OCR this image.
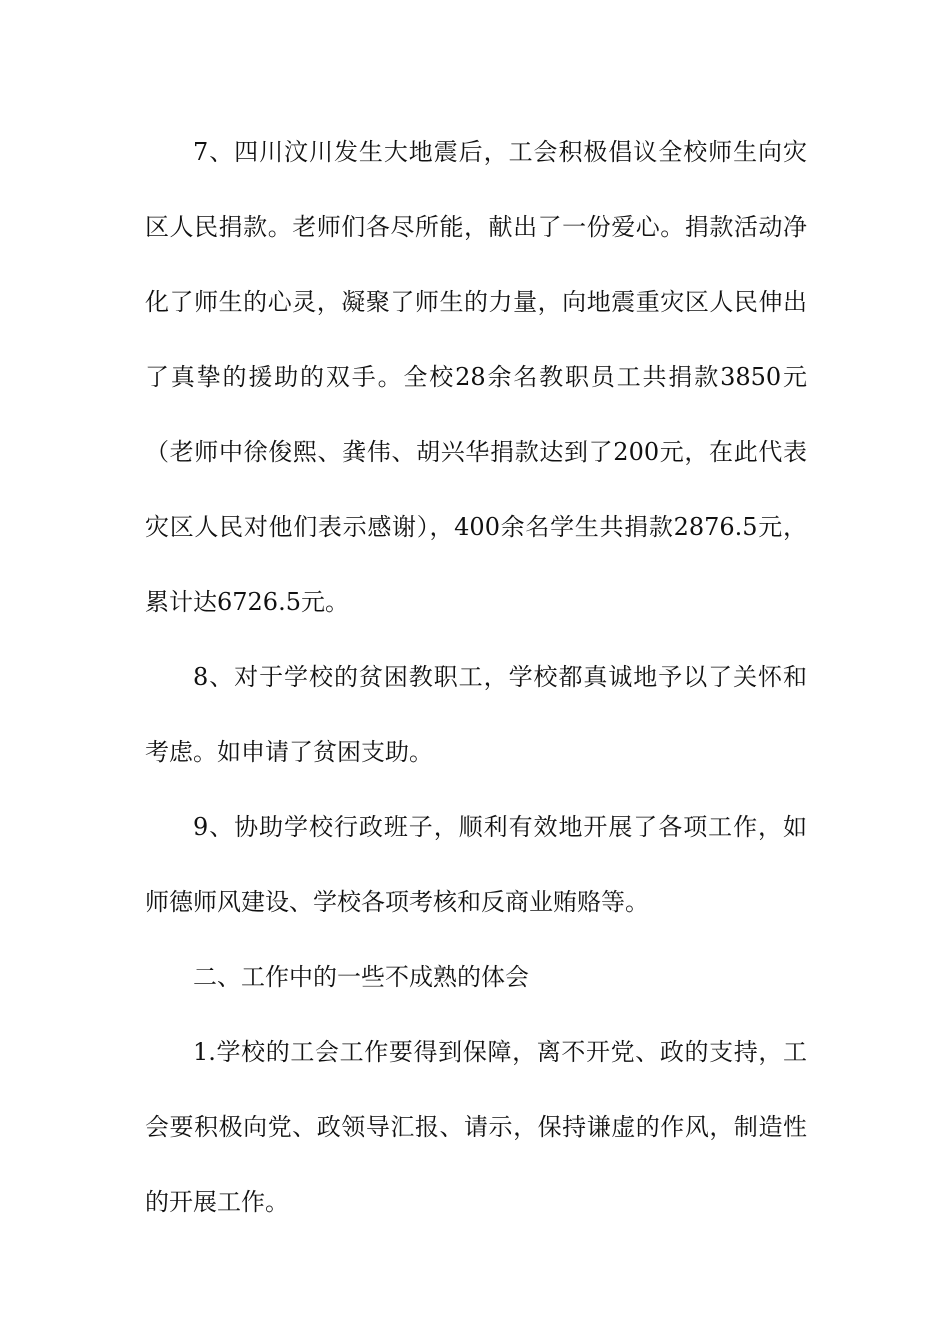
7、四川汶川发生大地震后，工会积极倡议全校师生向灾区人民捐款。老师们各尽所能，献出了一份爱心。捐款活动净化了师生的心灵，凝聚了师生的力量，向地震重灾区人民伸出了真挚的援助的双手。全校28余名教职员工共捐款3850元（老师中徐俊熙、龚伟、胡兴华捐款达到了200元，在此代表灾区人民对他们表示感谢），400余名学生共捐款2876.5元，累计达6726.5元。

8、对于学校的贫困教职工，学校都真诚地予以了关怀和考虑。如申请了贫困支助。

9、协助学校行政班子，顺利有效地开展了各项工作，如师德师风建设、学校各项考核和反商业贿赂等。

二、工作中的一些不成熟的体会

1.学校的工会工作要得到保障，离不开党、政的支持，工会要积极向党、政领导汇报、请示，保持谦虚的作风，制造性的开展工作。
